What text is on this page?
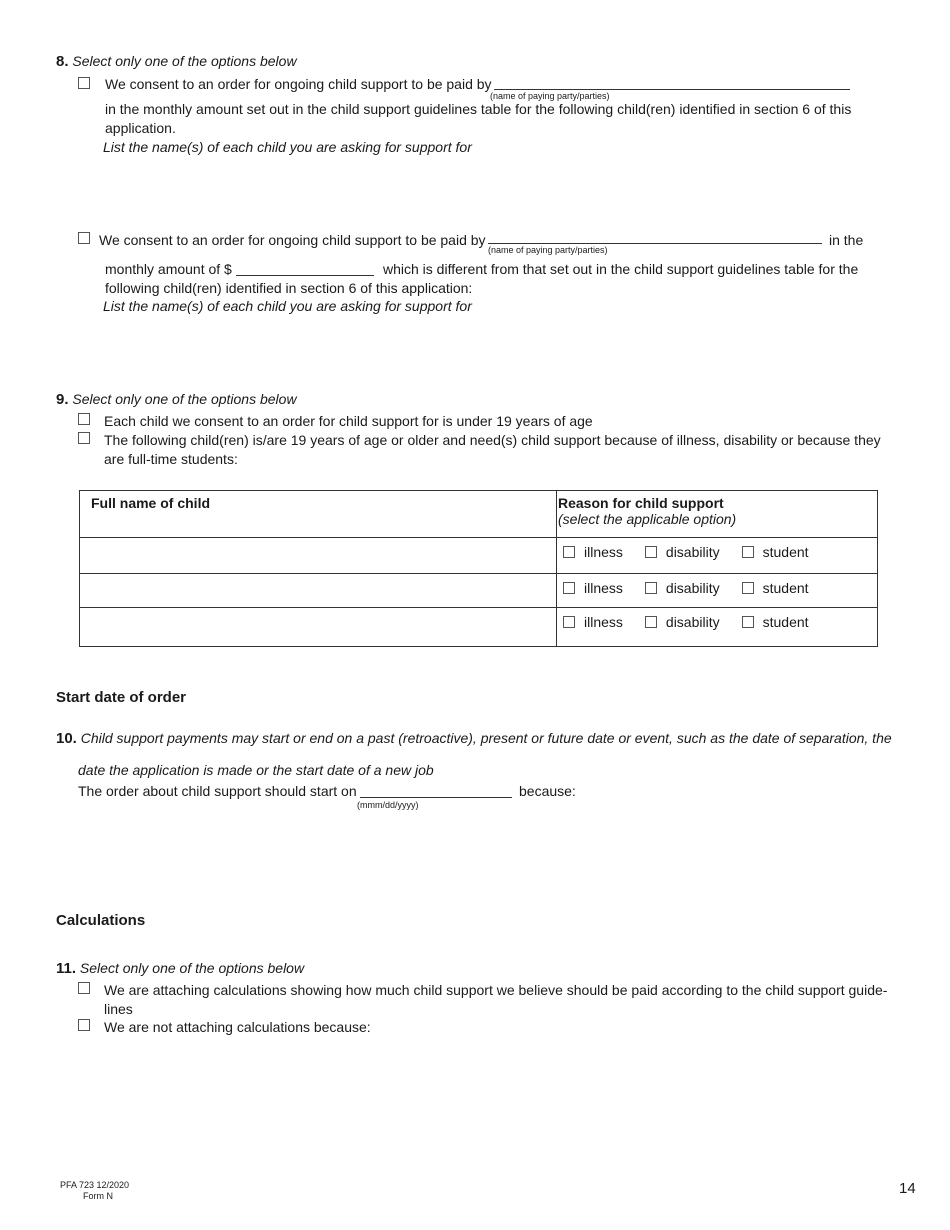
8. Select only one of the options below
We consent to an order for ongoing child support to be paid by
(name of paying party/parties)
in the monthly amount set out in the child support guidelines table for the following child(ren) identified in section 6 of this
application.
List the name(s) of each child you are asking for support for
We consent to an order for ongoing child support to be paid by
(name of paying party/parties)
in the
monthly amount of $	which is different from that set out in the child support guidelines table for the
following child(ren) identified in section 6 of this application:
List the name(s) of each child you are asking for support for
9. Select only one of the options below
Each child we consent to an order for child support for is under 19 years of age
The following child(ren) is/are 19 years of age or older and need(s) child support because of illness, disability or because they
are full-time students:
Full name of child	Reason for child support
(select the applicable option)

	illness disability student

	illness disability student

	illness disability student
Start date of order
10. Child support payments may start or end on a past (retroactive), present or future date or event, such as the date of separation, the
date the application is made or the start date of a new job
The order about child support should start on
(mmm/dd/yyyy)
because:
Calculations
11. Select only one of the options below
We are attaching calculations showing how much child support we believe should be paid according to the child support guide-
lines
We are not attaching calculations because:
PFA 723 12/2020
Form N	14
